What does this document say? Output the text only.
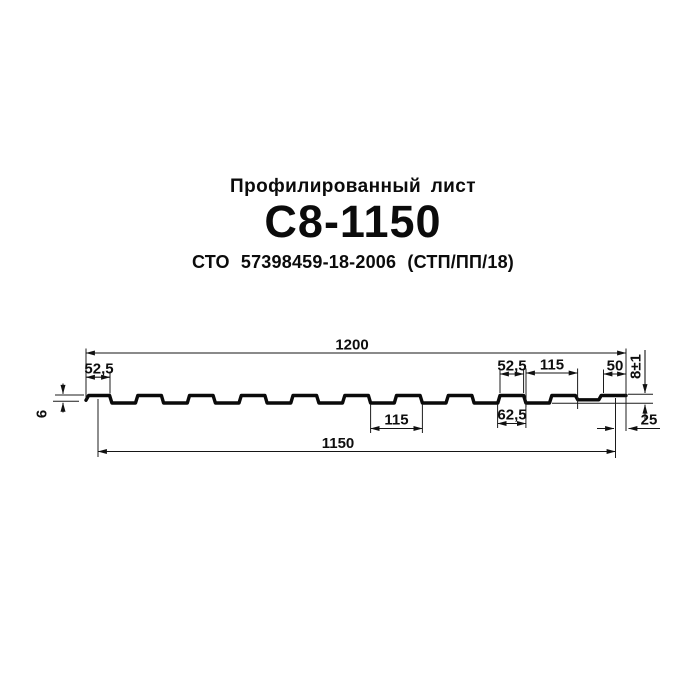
Профилированный лист
С8-1150
СТО 57398459-18-2006 (СТП/ПП/18)
1200
52,5	52,5 115	50 8±1
6	115	62,5	25
1150
